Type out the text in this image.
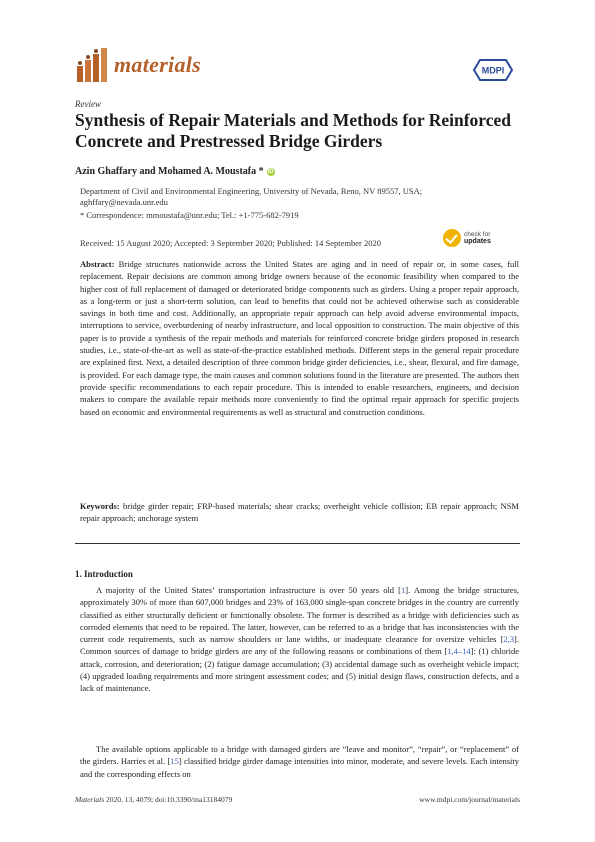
materials	MDPI
Review
Synthesis of Repair Materials and Methods for Reinforced Concrete and Prestressed Bridge Girders
Azin Ghaffary and Mohamed A. Moustafa * iD
Department of Civil and Environmental Engineering, University of Nevada, Reno, NV 89557, USA;
aghffary@nevada.unr.edu
* Correspondence: mmoustafa@unr.edu; Tel.: +1-775-682-7919
Received: 15 August 2020; Accepted: 3 September 2020; Published: 14 September 2020
check for
updates
Abstract: Bridge structures nationwide across the United States are aging and in need of repair or, in some cases, full replacement. Repair decisions are common among bridge owners because of the economic feasibility when compared to the higher cost of full replacement of damaged or deteriorated bridge components such as girders. Using a proper repair approach, as a long-term or just a short-term solution, can lead to benefits that could not be achieved otherwise such as considerable savings in both time and cost. Additionally, an appropriate repair approach can help avoid adverse environmental impacts, interruptions to service, overburdening of nearby infrastructure, and local opposition to construction. The main objective of this paper is to provide a synthesis of the repair methods and materials for reinforced concrete bridge girders proposed in research studies, i.e., state-of-the-art as well as state-of-the-practice established methods. Different steps in the general repair procedure are explained first. Next, a detailed description of three common bridge girder deficiencies, i.e., shear, flexural, and fire damage, is provided. For each damage type, the main causes and common solutions found in the literature are presented. The authors then provide specific recommendations to each repair procedure. This is intended to enable researchers, engineers, and decision makers to compare the available repair methods more conveniently to find the optimal repair approach for specific projects based on economic and environmental requirements as well as structural and construction conditions.
Keywords: bridge girder repair; FRP-based materials; shear cracks; overheight vehicle collision; EB repair approach; NSM repair approach; anchorage system
1. Introduction
A majority of the United States’ transportation infrastructure is over 50 years old [1]. Among the bridge structures, approximately 30% of more than 607,000 bridges and 23% of 163,000 single-span concrete bridges in the country are currently classified as either structurally deficient or functionally obsolete. The former is described as a bridge with deficiencies such as corroded elements that need to be repaired. The latter, however, can be referred to as a bridge that has inconsistencies with the current code requirements, such as narrow shoulders or lane widths, or inadequate clearance for oversize vehicles [2,3]. Common sources of damage to bridge girders are any of the following reasons or combinations of them [1,4–14]: (1) chloride attack, corrosion, and deterioration; (2) fatigue damage accumulation; (3) accidental damage such as overheight vehicle impact; (4) upgraded loading requirements and more stringent assessment codes; and (5) initial design flaws, construction defects, and a lack of maintenance.
The available options applicable to a bridge with damaged girders are “leave and monitor”, “repair”, or “replacement” of the girders. Harries et al. [15] classified bridge girder damage intensities into minor, moderate, and severe levels. Each intensity and the corresponding effects on
Materials 2020, 13, 4079; doi:10.3390/ma13184079	www.mdpi.com/journal/materials
